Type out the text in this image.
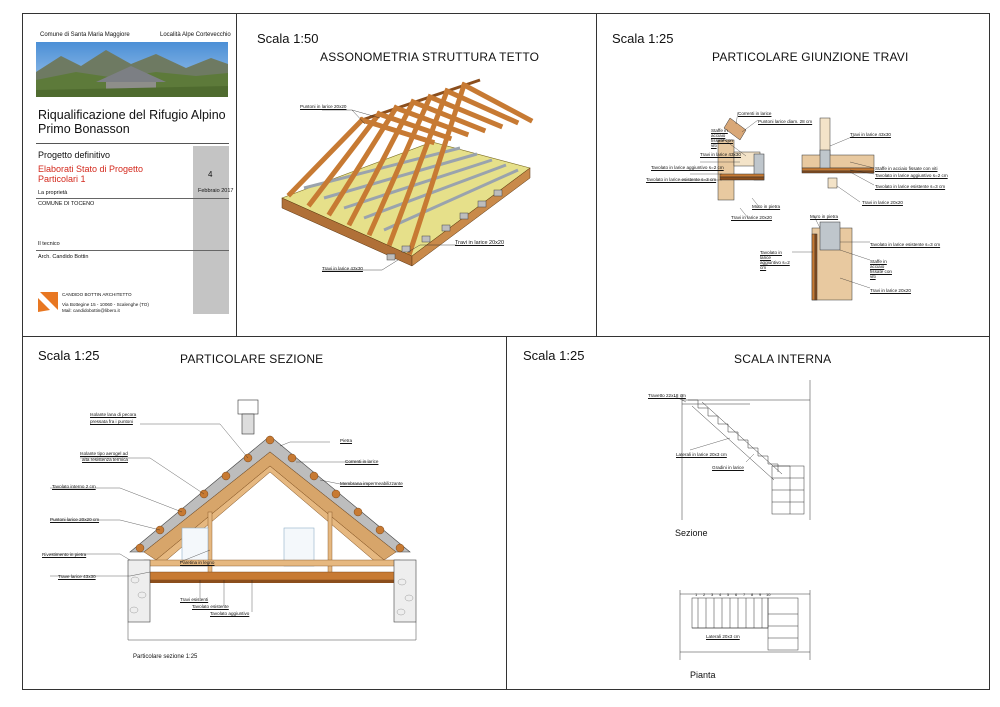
Comune di Santa Maria Maggiore	Località Alpe Cortevecchio
Riqualificazione del Rifugio Alpino
Primo Bonasson
Progetto definitivo
Elaborati Stato di Progetto
Particolari 1	4
La proprietà	Febbraio 2017
COMUNE DI TOCENO
Il tecnico
Arch. Candido Bottin
CANDIDO BOTTIN ARCHITETTO
Via Bottegine 15 - 10060 - Scalenghe (TO)
Mail: candidobottin@libero.it
Scala 1:50
ASSONOMETRIA STRUTTURA TETTO
Puntoni in larice 20x20
Travi in larice 20x20
Travi in larice 43x30
Scala 1:25
PARTICOLARE GIUNZIONE TRAVI
Correnti in larice
Puntoni larice diam. 28 cm
Staffe in acciaio fissate con viti
Travi in larice 43x30
Travi in larice 43x30
Tavolato in larice aggiuntivo s=2 cm
Tavolato in larice esistente s=3 cm
Muro in pietra
Travi in larice 20x20
Staffe in acciaio fissate con viti
Tavolato in larice aggiuntivo s=2 cm
Tavolato in larice esistente s=3 cm
Travi in larice 20x20
Muro in pietra
Tavolato in larice esistente s=3 cm
Tavolato in larice aggiuntivo s=2 cm
Staffe in acciaio fissate con viti
Travi in larice 20x20
Scala 1:25	PARTICOLARE SEZIONE
Isolante lana di pecora
pressata fra i puntoni
Isolante tipo aerogel ad
alta resistenza termica
Pietra
Correnti in larice
Tavolato interno 2 cm
Membrana impermeabilizzante
Puntoni larice 20x20 cm
Rivestimento in pietra
Paretina in legno
Trave larice 43x30
Travi esistenti
Tavolato esistente
Tavolato aggiuntivo
Particolare sezione 1:25
Scala 1:25	SCALA INTERNA
Travetto 22x18 cm
Laterali in larice 20x3 cm
Gradini in larice
Sezione
1 2 3 4 5 6 7 8 9 10
Laterali 20x3 cm
Pianta
